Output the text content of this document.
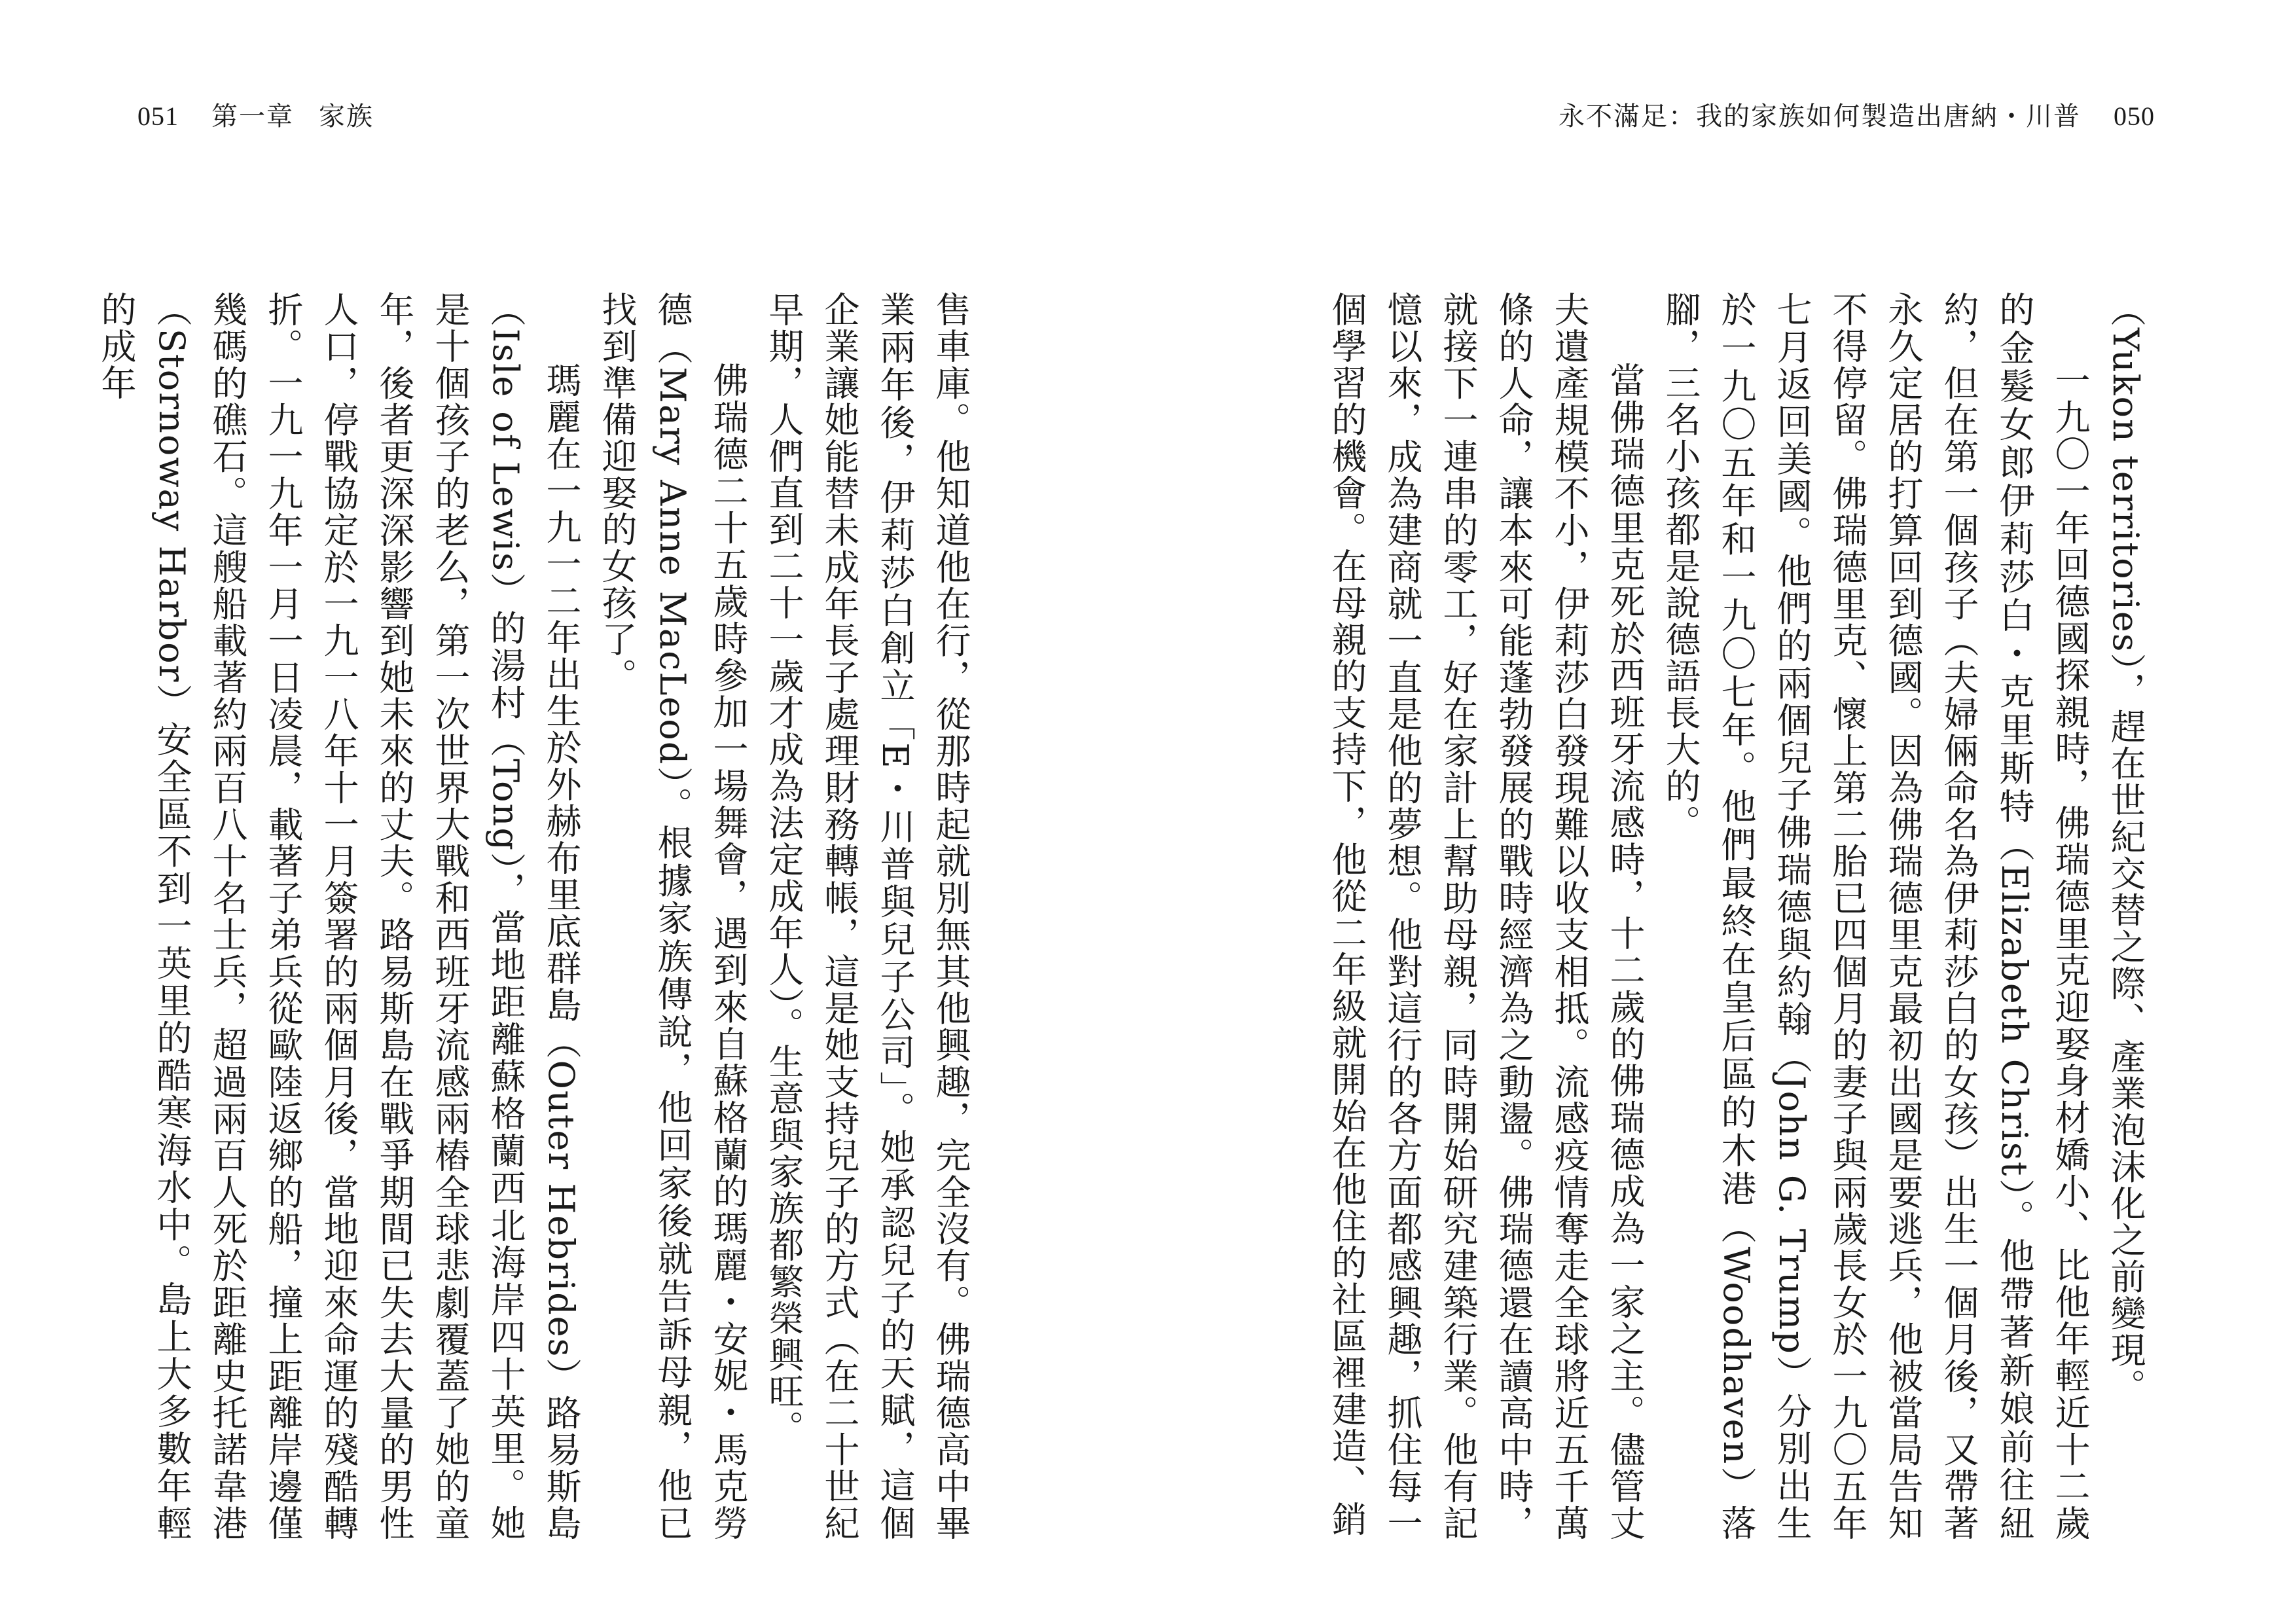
051 第一章 家族	永不滿足：我的家族如何製造出唐納・川普 050

（Yukon territories），趕在世紀交替之際、產業泡沫化之前變現。

一九〇一年回德國探親時，佛瑞德里克迎娶身材嬌小、比他年輕近十二歲的金髮女郎伊莉莎白・克里斯特（Elizabeth Christ）。他帶著新娘前往紐約，但在第一個孩子（夫婦倆命名為伊莉莎白的女孩）出生一個月後，又帶著永久定居的打算回到德國。因為佛瑞德里克最初出國是要逃兵，他被當局告知不得停留。佛瑞德里克、懷上第二胎已四個月的妻子與兩歲長女於一九〇五年七月返回美國。他們的兩個兒子佛瑞德與約翰（John G. Trump）分別出生於一九〇五年和一九〇七年。他們最終在皇后區的木港（Woodhaven）落腳，三名小孩都是說德語長大的。

當佛瑞德里克死於西班牙流感時，十二歲的佛瑞德成為一家之主。儘管丈夫遺產規模不小，伊莉莎白發現難以收支相抵。流感疫情奪走全球將近五千萬條的人命，讓本來可能蓬勃發展的戰時經濟為之動盪。佛瑞德還在讀高中時，就接下一連串的零工，好在家計上幫助母親，同時開始研究建築行業。他有記憶以來，成為建商就一直是他的夢想。他對這行的各方面都感興趣，抓住每一個學習的機會。在母親的支持下，他從二年級就開始在他住的社區裡建造、銷

售車庫。他知道他在行，從那時起就別無其他興趣，完全沒有。佛瑞德高中畢業兩年後，伊莉莎白創立「E・川普與兒子公司」。她承認兒子的天賦，這個企業讓她能替未成年長子處理財務轉帳，這是她支持兒子的方式（在二十世紀早期，人們直到二十一歲才成為法定成年人）。生意與家族都繁榮興旺。

佛瑞德二十五歲時參加一場舞會，遇到來自蘇格蘭的瑪麗・安妮・馬克勞德（Mary Anne MacLeod）。根據家族傳說，他回家後就告訴母親，他已找到準備迎娶的女孩了。

瑪麗在一九一二年出生於外赫布里底群島（Outer Hebrides）路易斯島（Isle of Lewis）的湯村（Tong），當地距離蘇格蘭西北海岸四十英里。她是十個孩子的老么，第一次世界大戰和西班牙流感兩樁全球悲劇覆蓋了她的童年，後者更深深影響到她未來的丈夫。路易斯島在戰爭期間已失去大量的男性人口，停戰協定於一九一八年十一月簽署的兩個月後，當地迎來命運的殘酷轉折。一九一九年一月一日凌晨，載著子弟兵從歐陸返鄉的船，撞上距離岸邊僅幾碼的礁石。這艘船載著約兩百八十名士兵，超過兩百人死於距離史托諾韋港（Stornoway Harbor）安全區不到一英里的酷寒海水中。島上大多數年輕的成年
